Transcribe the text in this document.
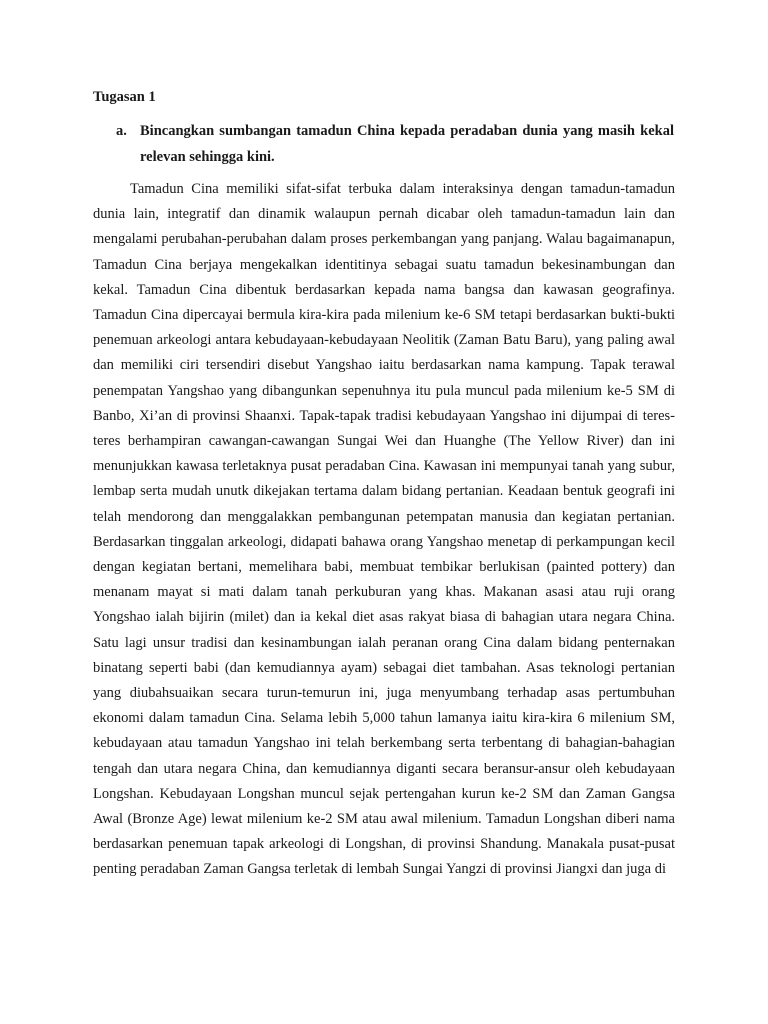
Tugasan 1
a. Bincangkan sumbangan tamadun China kepada peradaban dunia yang masih kekal relevan sehingga kini.

Tamadun Cina memiliki sifat-sifat terbuka dalam interaksinya dengan tamadun-tamadun dunia lain, integratif dan dinamik walaupun pernah dicabar oleh tamadun-tamadun lain dan mengalami perubahan-perubahan dalam proses perkembangan yang panjang. Walau bagaimanapun, Tamadun Cina berjaya mengekalkan identitinya sebagai suatu tamadun bekesinambungan dan kekal. Tamadun Cina dibentuk berdasarkan kepada nama bangsa dan kawasan geografinya. Tamadun Cina dipercayai bermula kira-kira pada milenium ke-6 SM tetapi berdasarkan bukti-bukti penemuan arkeologi antara kebudayaan-kebudayaan Neolitik (Zaman Batu Baru), yang paling awal dan memiliki ciri tersendiri disebut Yangshao iaitu berdasarkan nama kampung. Tapak terawal penempatan Yangshao yang dibangunkan sepenuhnya itu pula muncul pada milenium ke-5 SM di Banbo, Xi’an di provinsi Shaanxi. Tapak-tapak tradisi kebudayaan Yangshao ini dijumpai di teres-teres berhampiran cawangan-cawangan Sungai Wei dan Huanghe (The Yellow River) dan ini menunjukkan kawasa terletaknya pusat peradaban Cina. Kawasan ini mempunyai tanah yang subur, lembap serta mudah unutk dikejakan tertama dalam bidang pertanian. Keadaan bentuk geografi ini telah mendorong dan menggalakkan pembangunan petempatan manusia dan kegiatan pertanian. Berdasarkan tinggalan arkeologi, didapati bahawa orang Yangshao menetap di perkampungan kecil dengan kegiatan bertani, memelihara babi, membuat tembikar berlukisan (painted pottery) dan menanam mayat si mati dalam tanah perkuburan yang khas. Makanan asasi atau ruji orang Yongshao ialah bijirin (milet) dan ia kekal diet asas rakyat biasa di bahagian utara negara China. Satu lagi unsur tradisi dan kesinambungan ialah peranan orang Cina dalam bidang penternakan binatang seperti babi (dan kemudiannya ayam) sebagai diet tambahan. Asas teknologi pertanian yang diubahsuaikan secara turun-temurun ini, juga menyumbang terhadap asas pertumbuhan ekonomi dalam tamadun Cina. Selama lebih 5,000 tahun lamanya iaitu kira-kira 6 milenium SM, kebudayaan atau tamadun Yangshao ini telah berkembang serta terbentang di bahagian-bahagian tengah dan utara negara China, dan kemudiannya diganti secara beransur-ansur oleh kebudayaan Longshan. Kebudayaan Longshan muncul sejak pertengahan kurun ke-2 SM dan Zaman Gangsa Awal (Bronze Age) lewat milenium ke-2 SM atau awal milenium. Tamadun Longshan diberi nama berdasarkan penemuan tapak arkeologi di Longshan, di provinsi Shandung. Manakala pusat-pusat penting peradaban Zaman Gangsa terletak di lembah Sungai Yangzi di provinsi Jiangxi dan juga di
